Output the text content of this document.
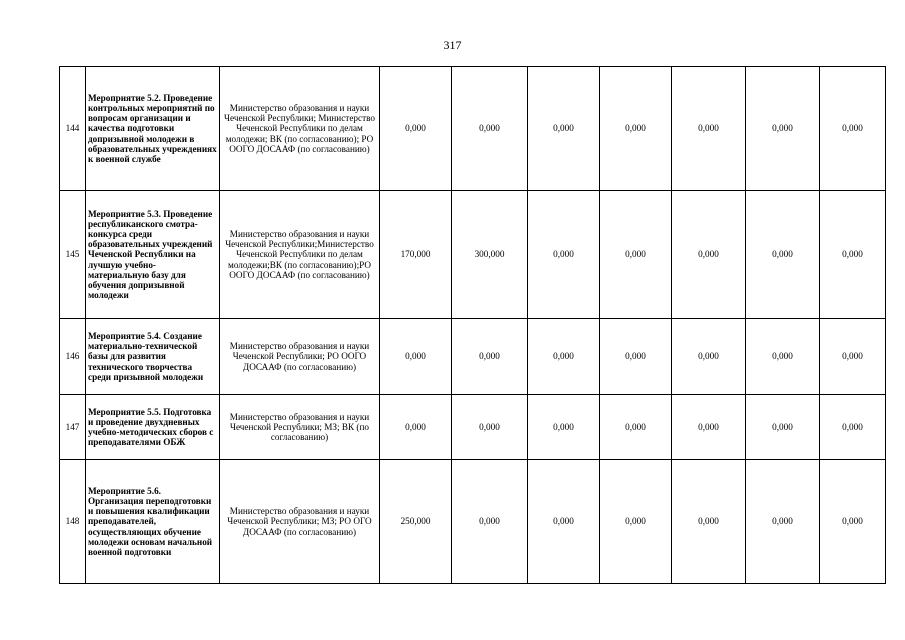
317
144	Мероприятие 5.2. Проведение контрольных мероприятий по вопросам организации и качества подготовки допризывной молодежи в образовательных учреждениях к военной службе	Министерство образования и науки Чеченской Республики; Министерство Чеченской Республики по делам молодежи; ВК (по согласованию); РО ООГО ДОСААФ (по согласованию)	0,000	0,000	0,000	0,000	0,000	0,000	0,000
145	Мероприятие 5.3. Проведение республиканского смотра-конкурса среди образовательных учреждений Чеченской Республики на лучшую учебно-материальную базу для обучения допризывной молодежи	Министерство образования и науки Чеченской Республики;Министерство Чеченской Республики по делам молодежи;ВК (по согласованию);РО ООГО ДОСААФ (по согласованию)	170,000	300,000	0,000	0,000	0,000	0,000	0,000
146	Мероприятие 5.4. Создание материально-технической базы для развития технического творчества среди призывной молодежи	Министерство образования и науки Чеченской Республики; РО ООГО ДОСААФ (по согласованию)	0,000	0,000	0,000	0,000	0,000	0,000	0,000
147	Мероприятие 5.5. Подготовка и проведение двухдневных учебно-методических сборов с преподавателями ОБЖ	Министерство образования и науки Чеченской Республики; МЗ; ВК (по согласованию)	0,000	0,000	0,000	0,000	0,000	0,000	0,000
148	Мероприятие 5.6. Организация переподготовки и повышения квалификации преподавателей, осуществляющих обучение молодежи основам начальной военной подготовки	Министерство образования и науки Чеченской Республики; МЗ; РО ОГО ДОСААФ (по согласованию)	250,000	0,000	0,000	0,000	0,000	0,000	0,000
